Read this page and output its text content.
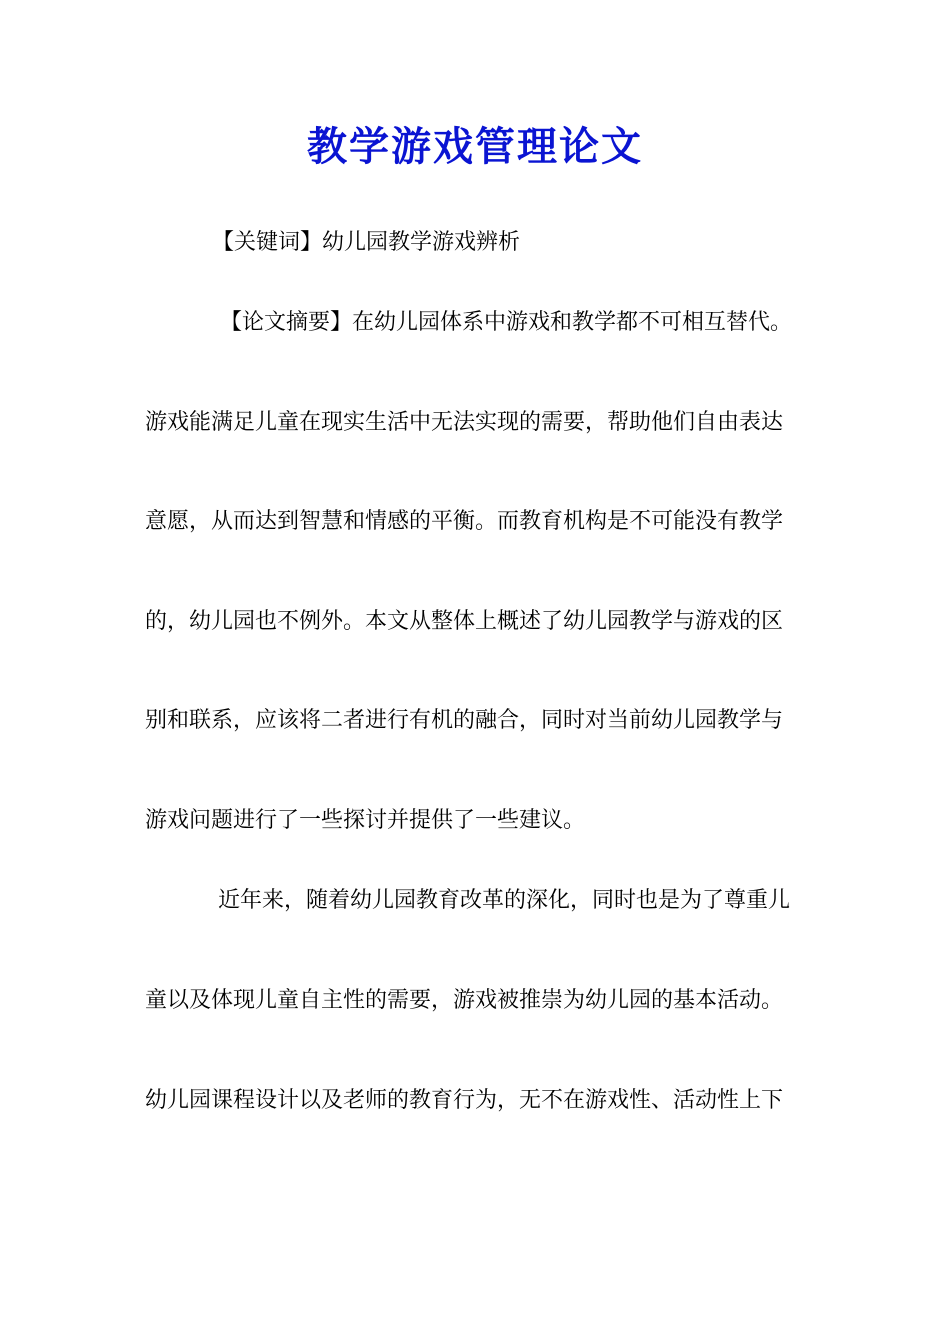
教学游戏管理论文
【关键词】幼儿园教学游戏辨析
【论文摘要】在幼儿园体系中游戏和教学都不可相互替代。
游戏能满足儿童在现实生活中无法实现的需要，帮助他们自由表达
意愿，从而达到智慧和情感的平衡。而教育机构是不可能没有教学
的，幼儿园也不例外。本文从整体上概述了幼儿园教学与游戏的区
别和联系，应该将二者进行有机的融合，同时对当前幼儿园教学与
游戏问题进行了一些探讨并提供了一些建议。
近年来，随着幼儿园教育改革的深化，同时也是为了尊重儿
童以及体现儿童自主性的需要，游戏被推崇为幼儿园的基本活动。
幼儿园课程设计以及老师的教育行为，无不在游戏性、活动性上下
